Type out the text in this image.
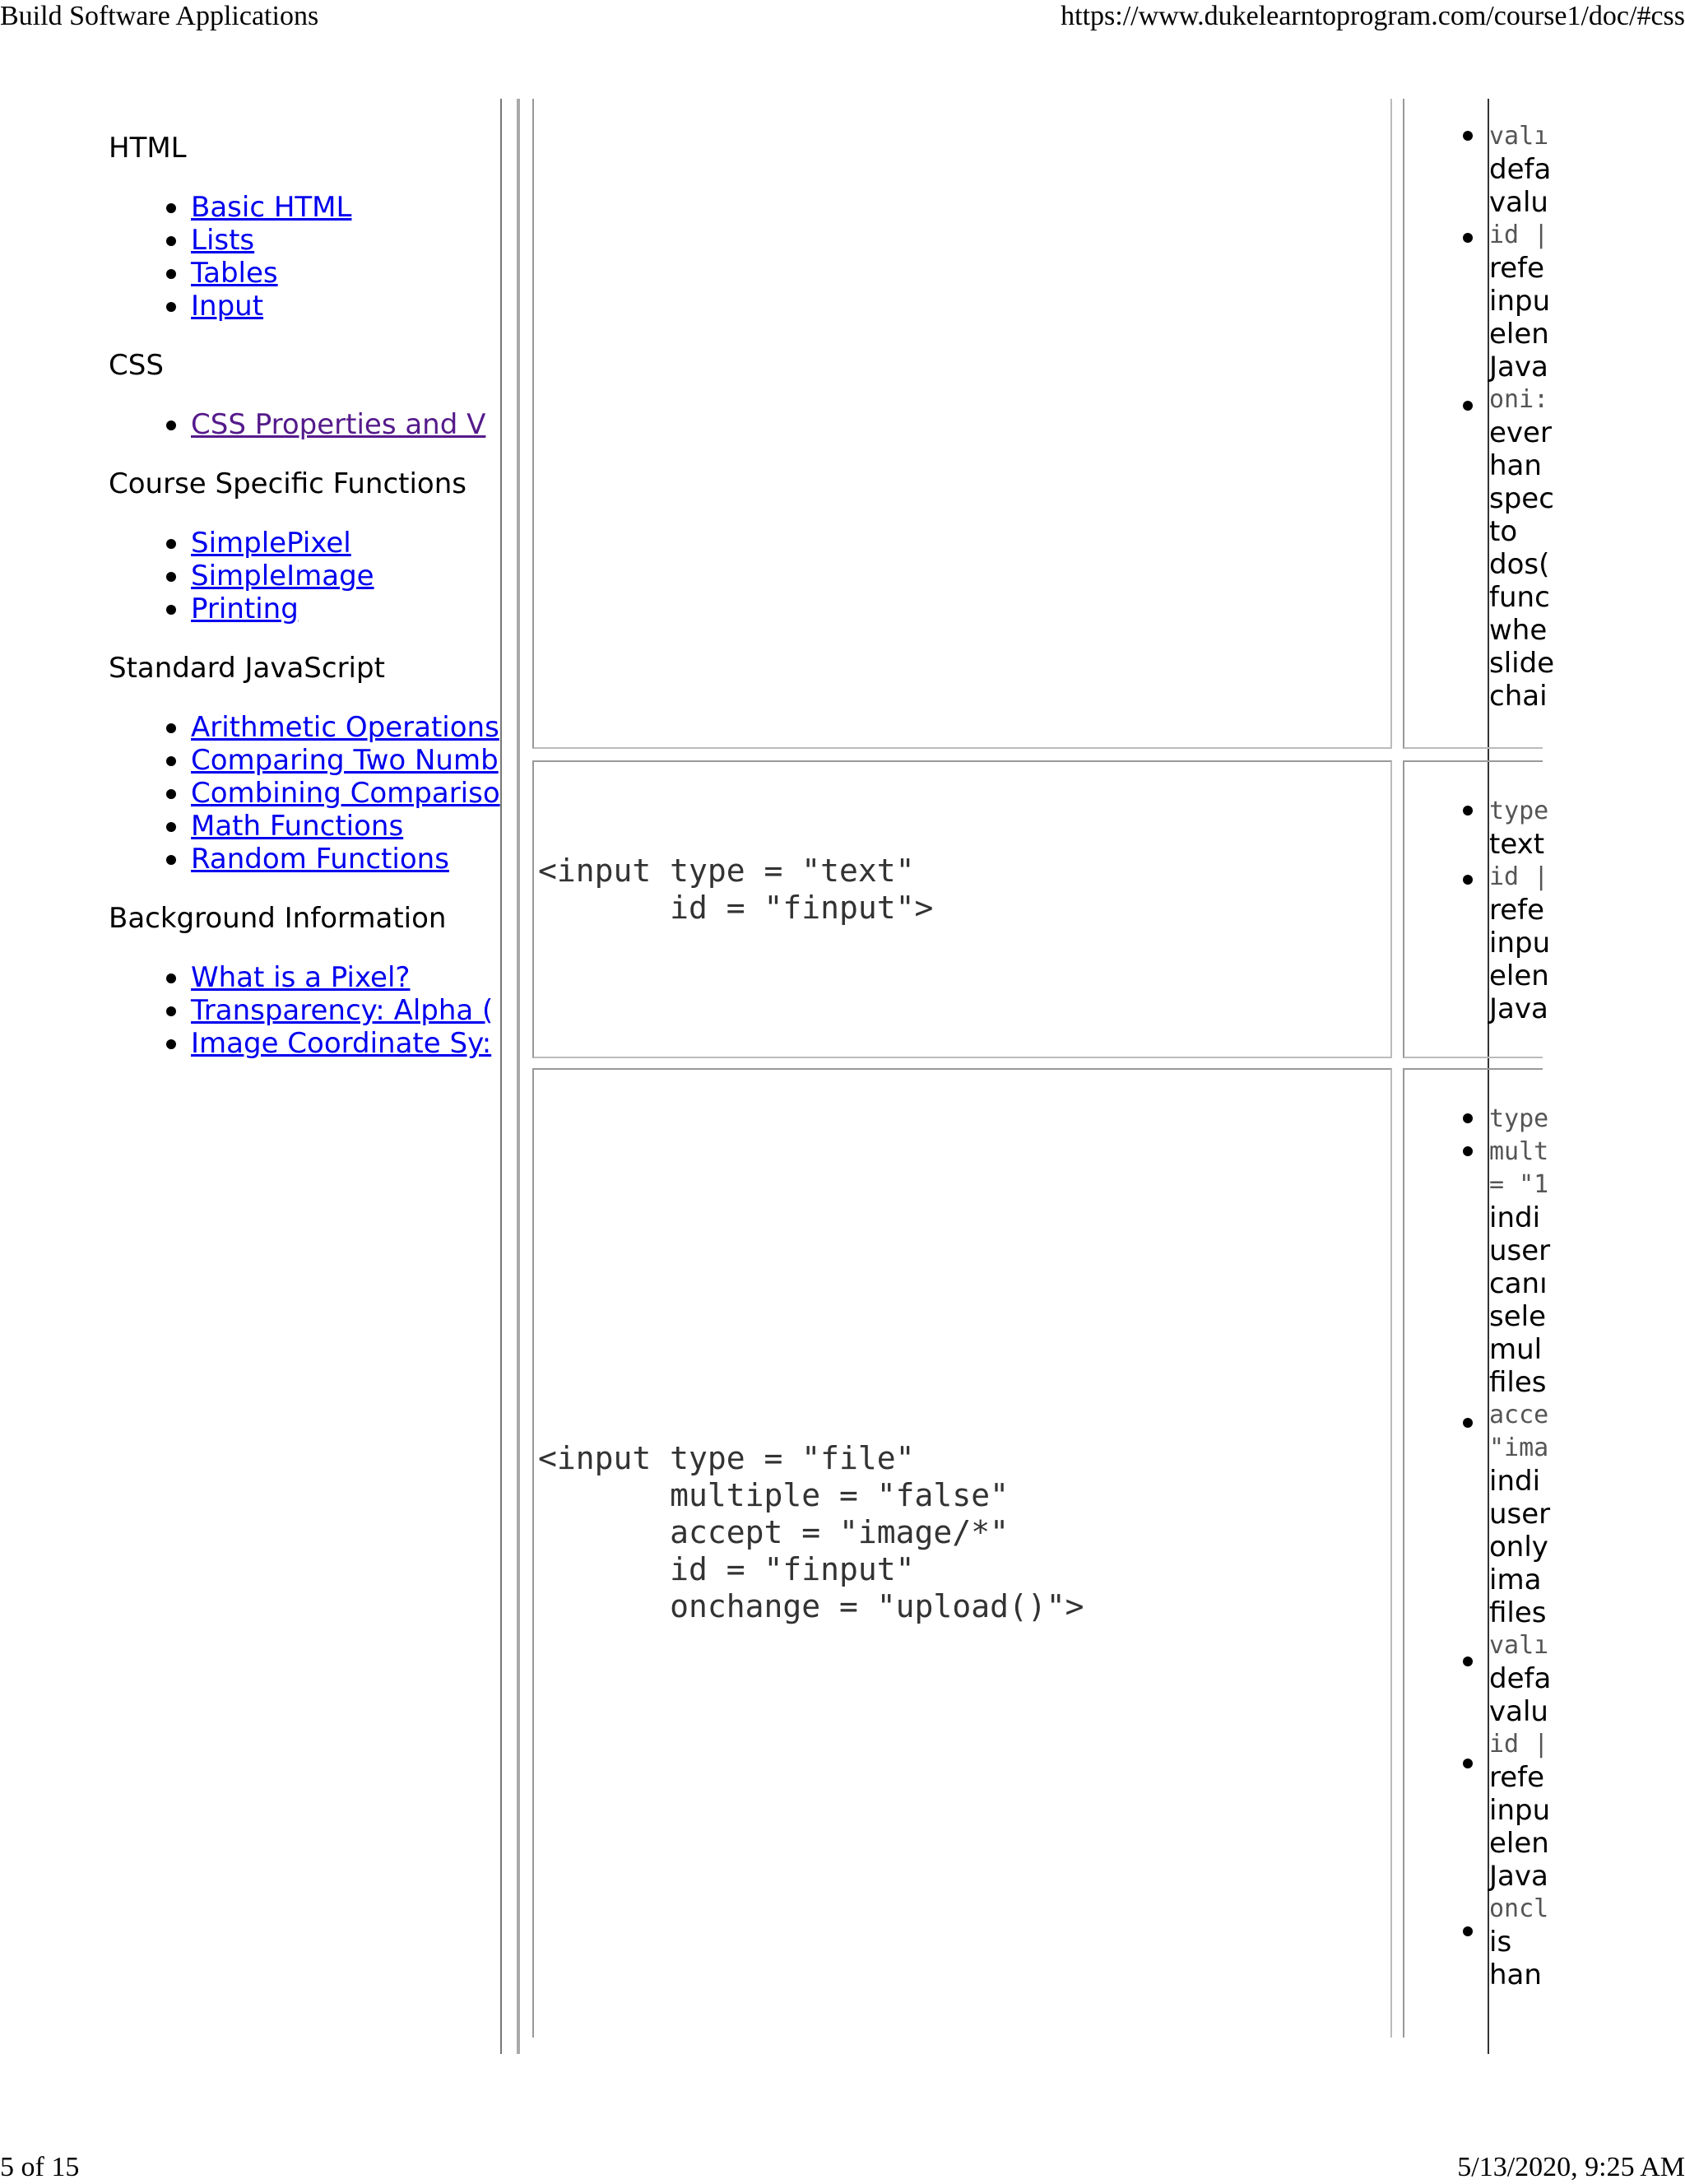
Build Software Applications	https://www.dukelearntoprogram.com/course1/doc/#css
5 of 15	5/13/2020, 9:25 AM
HTML
Basic HTML
Lists
Tables
Input
CSS
CSS Properties and V
Course Specific Functions
SimplePixel
SimpleImage
Printing
Standard JavaScript
Arithmetic Operations
Comparing Two Numb
Combining Compariso
Math Functions
Random Functions
Background Information
What is a Pixel?
Transparency: Alpha (
Image Coordinate Sy:
<input type = "text"
id = "finput">
<input type = "file"
multiple = "false"
accept = "image/*"
id = "finput"
onchange = "upload()">
valı
defa
valu
id |
refe
inpu
elen
Java
oni:
ever
han
spec
to
dos(
func
whe
slide
chai
type
text
id |
refe
inpu
elen
Java
type
mult
= "1
indi
user
canı
sele
mul
files
acce
"ima
indi
user
only
ima
files
valı
defa
valu
id |
refe
inpu
elen
Java
oncl
is
han
